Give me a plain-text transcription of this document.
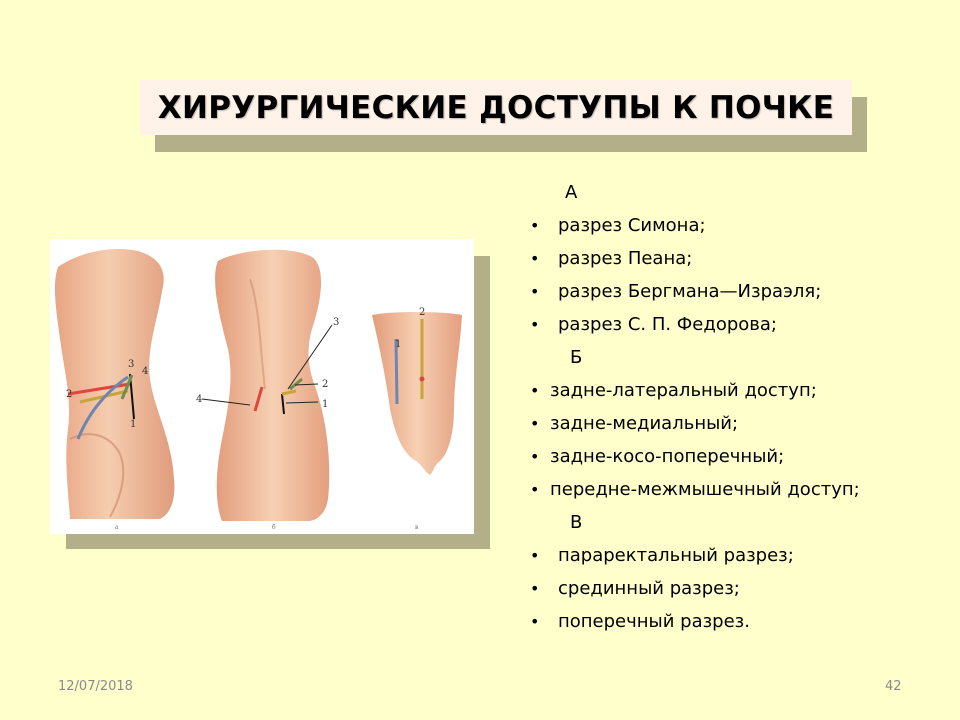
ХИРУРГИЧЕСКИЕ ДОСТУПЫ К ПОЧКЕ
2
3
4
1
а
4
3
2
1
б
1
2
в
А
• разрез Симона;
• разрез Пеана;
• разрез Бергмана—Израэля;
• разрез С. П. Федорова;
Б
• задне-латеральный доступ;
• задне-медиальный;
• задне-косо-поперечный;
• передне-межмышечный доступ;
В
• параректальный разрез;
• срединный разрез;
• поперечный разрез.
12/07/2018	42
